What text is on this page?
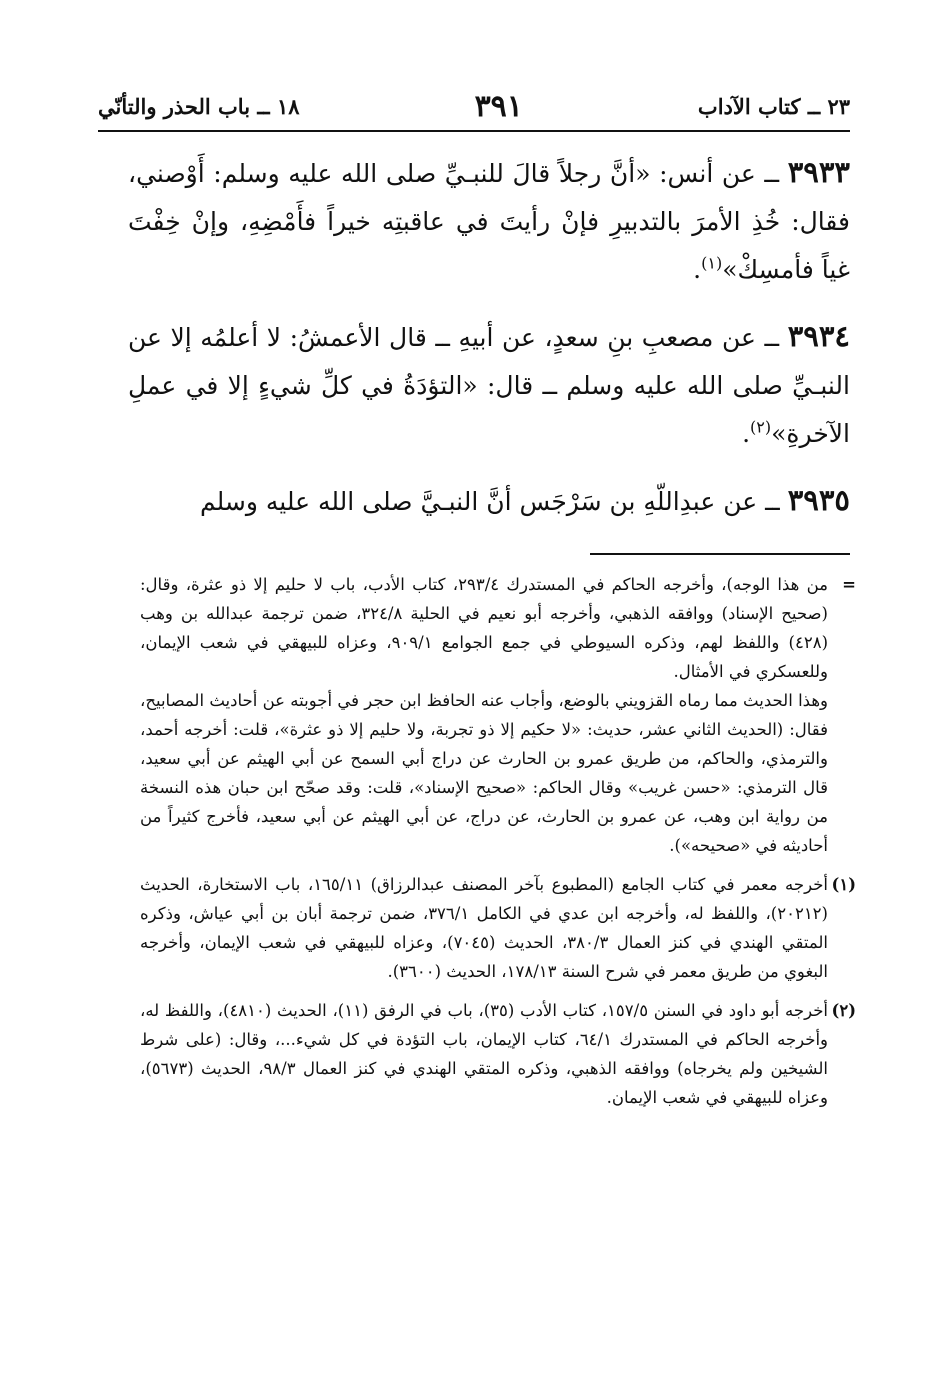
٢٣ ــ كتاب الآداب
٣٩١
١٨ ــ باب الحذر والتأنّي

٣٩٣٣ ــ عن أنس: «أنَّ رجلاً قالَ للنبـيِّ صلى الله عليه وسلم: أَوْصني، فقال: خُذِ الأمرَ بالتدبيرِ فإنْ رأيتَ في عاقبتِه خيراً فأَمْضِهِ، وإنْ خِفْتَ غياً فأمسِكْ»$^{(١)}$.

٣٩٣٤ ــ عن مصعبِ بنِ سعدٍ، عن أبيهِ ــ قال الأعمشُ: لا أعلمُه إلا عن النبـيِّ صلى الله عليه وسلم ــ قال: «التؤدَةُ في كلِّ شيءٍ إلا في عملِ الآخرةِ»$^{(٢)}$.

٣٩٣٥ ــ عن عبدِاللّهِ بن سَرْجَس أنَّ النبـيَّ صلى الله عليه وسلم

=

من هذا الوجه)، وأخرجه الحاكم في المستدرك ٢٩٣/٤، كتاب الأدب، باب لا حليم إلا ذو عثرة، وقال: (صحيح الإسناد) ووافقه الذهبي، وأخرجه أبو نعيم في الحلية ٣٢٤/٨، ضمن ترجمة عبدالله بن وهب (٤٢٨) واللفظ لهم، وذكره السيوطي في جمع الجوامع ٩٠٩/١، وعزاه للبيهقي في شعب الإيمان، وللعسكري في الأمثال.

وهذا الحديث مما رماه القزويني بالوضع، وأجاب عنه الحافظ ابن حجر في أجوبته عن أحاديث المصابيح، فقال: (الحديث الثاني عشر، حديث: «لا حكيم إلا ذو تجربة، ولا حليم إلا ذو عثرة»، قلت: أخرجه أحمد، والترمذي، والحاكم، من طريق عمرو بن الحارث عن دراج أبي السمح عن أبي الهيثم عن أبي سعيد، قال الترمذي: «حسن غريب» وقال الحاكم: «صحيح الإسناد»، قلت: وقد صحّح ابن حبان هذه النسخة من رواية ابن وهب، عن عمرو بن الحارث، عن دراج، عن أبي الهيثم عن أبي سعيد، فأخرج كثيراً من أحاديثه في «صحيحه»).

(١)

أخرجه معمر في كتاب الجامع (المطبوع بآخر المصنف عبدالرزاق) ١٦٥/١١، باب الاستخارة، الحديث (٢٠٢١٢)، واللفظ له، وأخرجه ابن عدي في الكامل ٣٧٦/١، ضمن ترجمة أبان بن أبي عياش، وذكره المتقي الهندي في كنز العمال ٣٨٠/٣، الحديث (٧٠٤٥)، وعزاه للبيهقي في شعب الإيمان، وأخرجه البغوي من طريق معمر في شرح السنة ١٧٨/١٣، الحديث (٣٦٠٠).

(٢)

أخرجه أبو داود في السنن ١٥٧/٥، كتاب الأدب (٣٥)، باب في الرفق (١١)، الحديث (٤٨١٠)، واللفظ له، وأخرجه الحاكم في المستدرك ٦٤/١، كتاب الإيمان، باب التؤدة في كل شيء...، وقال: (على شرط الشيخين ولم يخرجاه) ووافقه الذهبي، وذكره المتقي الهندي في كنز العمال ٩٨/٣، الحديث (٥٦٧٣)، وعزاه للبيهقي في شعب الإيمان.
